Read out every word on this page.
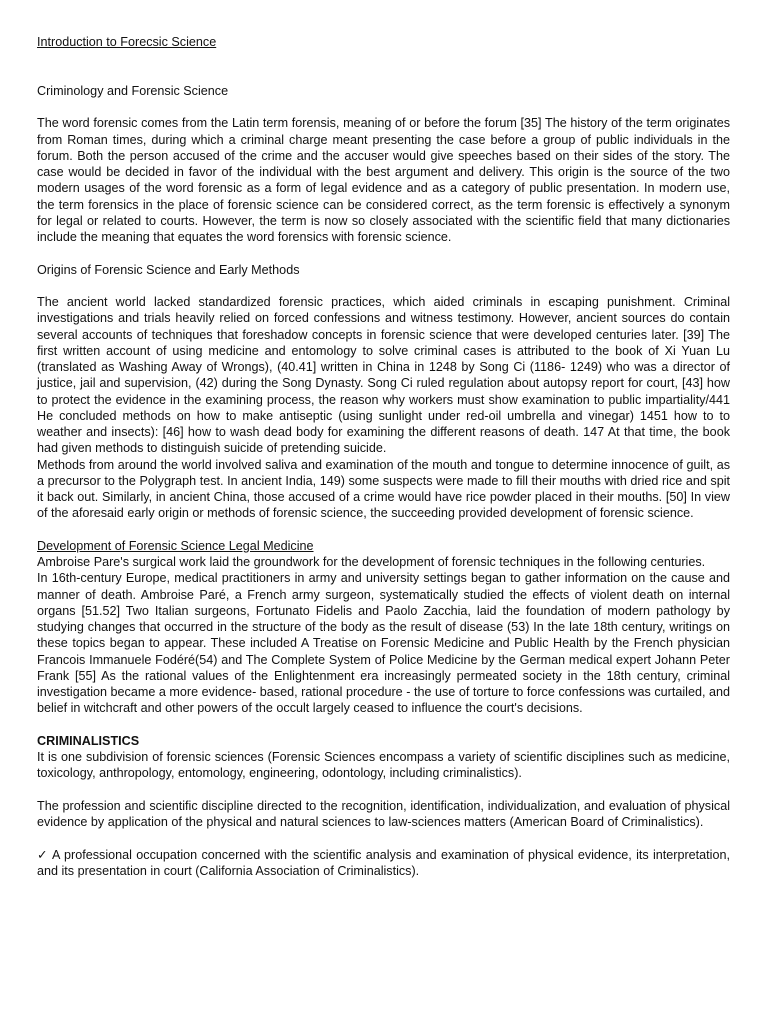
Introduction to Forecsic Science

Criminology and Forensic Science

The word forensic comes from the Latin term forensis, meaning of or before the forum [35] The history of the term originates from Roman times, during which a criminal charge meant presenting the case before a group of public individuals in the forum. Both the person accused of the crime and the accuser would give speeches based on their sides of the story. The case would be decided in favor of the individual with the best argument and delivery. This origin is the source of the two modern usages of the word forensic as a form of legal evidence and as a category of public presentation. In modern use, the term forensics in the place of forensic science can be considered correct, as the term forensic is effectively a synonym for legal or related to courts. However, the term is now so closely associated with the scientific field that many dictionaries include the meaning that equates the word forensics with forensic science.

Origins of Forensic Science and Early Methods

The ancient world lacked standardized forensic practices, which aided criminals in escaping punishment. Criminal investigations and trials heavily relied on forced confessions and witness testimony. However, ancient sources do contain several accounts of techniques that foreshadow concepts in forensic science that were developed centuries later. [39] The first written account of using medicine and entomology to solve criminal cases is attributed to the book of Xi Yuan Lu (translated as Washing Away of Wrongs), (40.41] written in China in 1248 by Song Ci (1186- 1249) who was a director of justice, jail and supervision, (42) during the Song Dynasty. Song Ci ruled regulation about autopsy report for court, [43] how to protect the evidence in the examining process, the reason why workers must show examination to public impartiality/441 He concluded methods on how to make antiseptic (using sunlight under red-oil umbrella and vinegar) 1451 how to to weather and insects): [46] how to wash dead body for examining the different reasons of death. 147 At that time, the book had given methods to distinguish suicide of pretending suicide.

Methods from around the world involved saliva and examination of the mouth and tongue to determine innocence of guilt, as a precursor to the Polygraph test. In ancient India, 149) some suspects were made to fill their mouths with dried rice and spit it back out. Similarly, in ancient China, those accused of a crime would have rice powder placed in their mouths. [50] In view of the aforesaid early origin or methods of forensic science, the succeeding provided development of forensic science.

Development of Forensic Science Legal Medicine

Ambroise Pare's surgical work laid the groundwork for the development of forensic techniques in the following centuries.

In 16th-century Europe, medical practitioners in army and university settings began to gather information on the cause and manner of death. Ambroise Paré, a French army surgeon, systematically studied the effects of violent death on internal organs [51.52] Two Italian surgeons, Fortunato Fidelis and Paolo Zacchia, laid the foundation of modern pathology by studying changes that occurred in the structure of the body as the result of disease (53) In the late 18th century, writings on these topics began to appear. These included A Treatise on Forensic Medicine and Public Health by the French physician Francois Immanuele Fodéré(54) and The Complete System of Police Medicine by the German medical expert Johann Peter Frank [55] As the rational values of the Enlightenment era increasingly permeated society in the 18th century, criminal investigation became a more evidence- based, rational procedure - the use of torture to force confessions was curtailed, and belief in witchcraft and other powers of the occult largely ceased to influence the court's decisions.

CRIMINALISTICS

It is one subdivision of forensic sciences (Forensic Sciences encompass a variety of scientific disciplines such as medicine, toxicology, anthropology, entomology, engineering, odontology, including criminalistics).

The profession and scientific discipline directed to the recognition, identification, individualization, and evaluation of physical evidence by application of the physical and natural sciences to law-sciences matters (American Board of Criminalistics).

✓ A professional occupation concerned with the scientific analysis and examination of physical evidence, its interpretation, and its presentation in court (California Association of Criminalistics).
